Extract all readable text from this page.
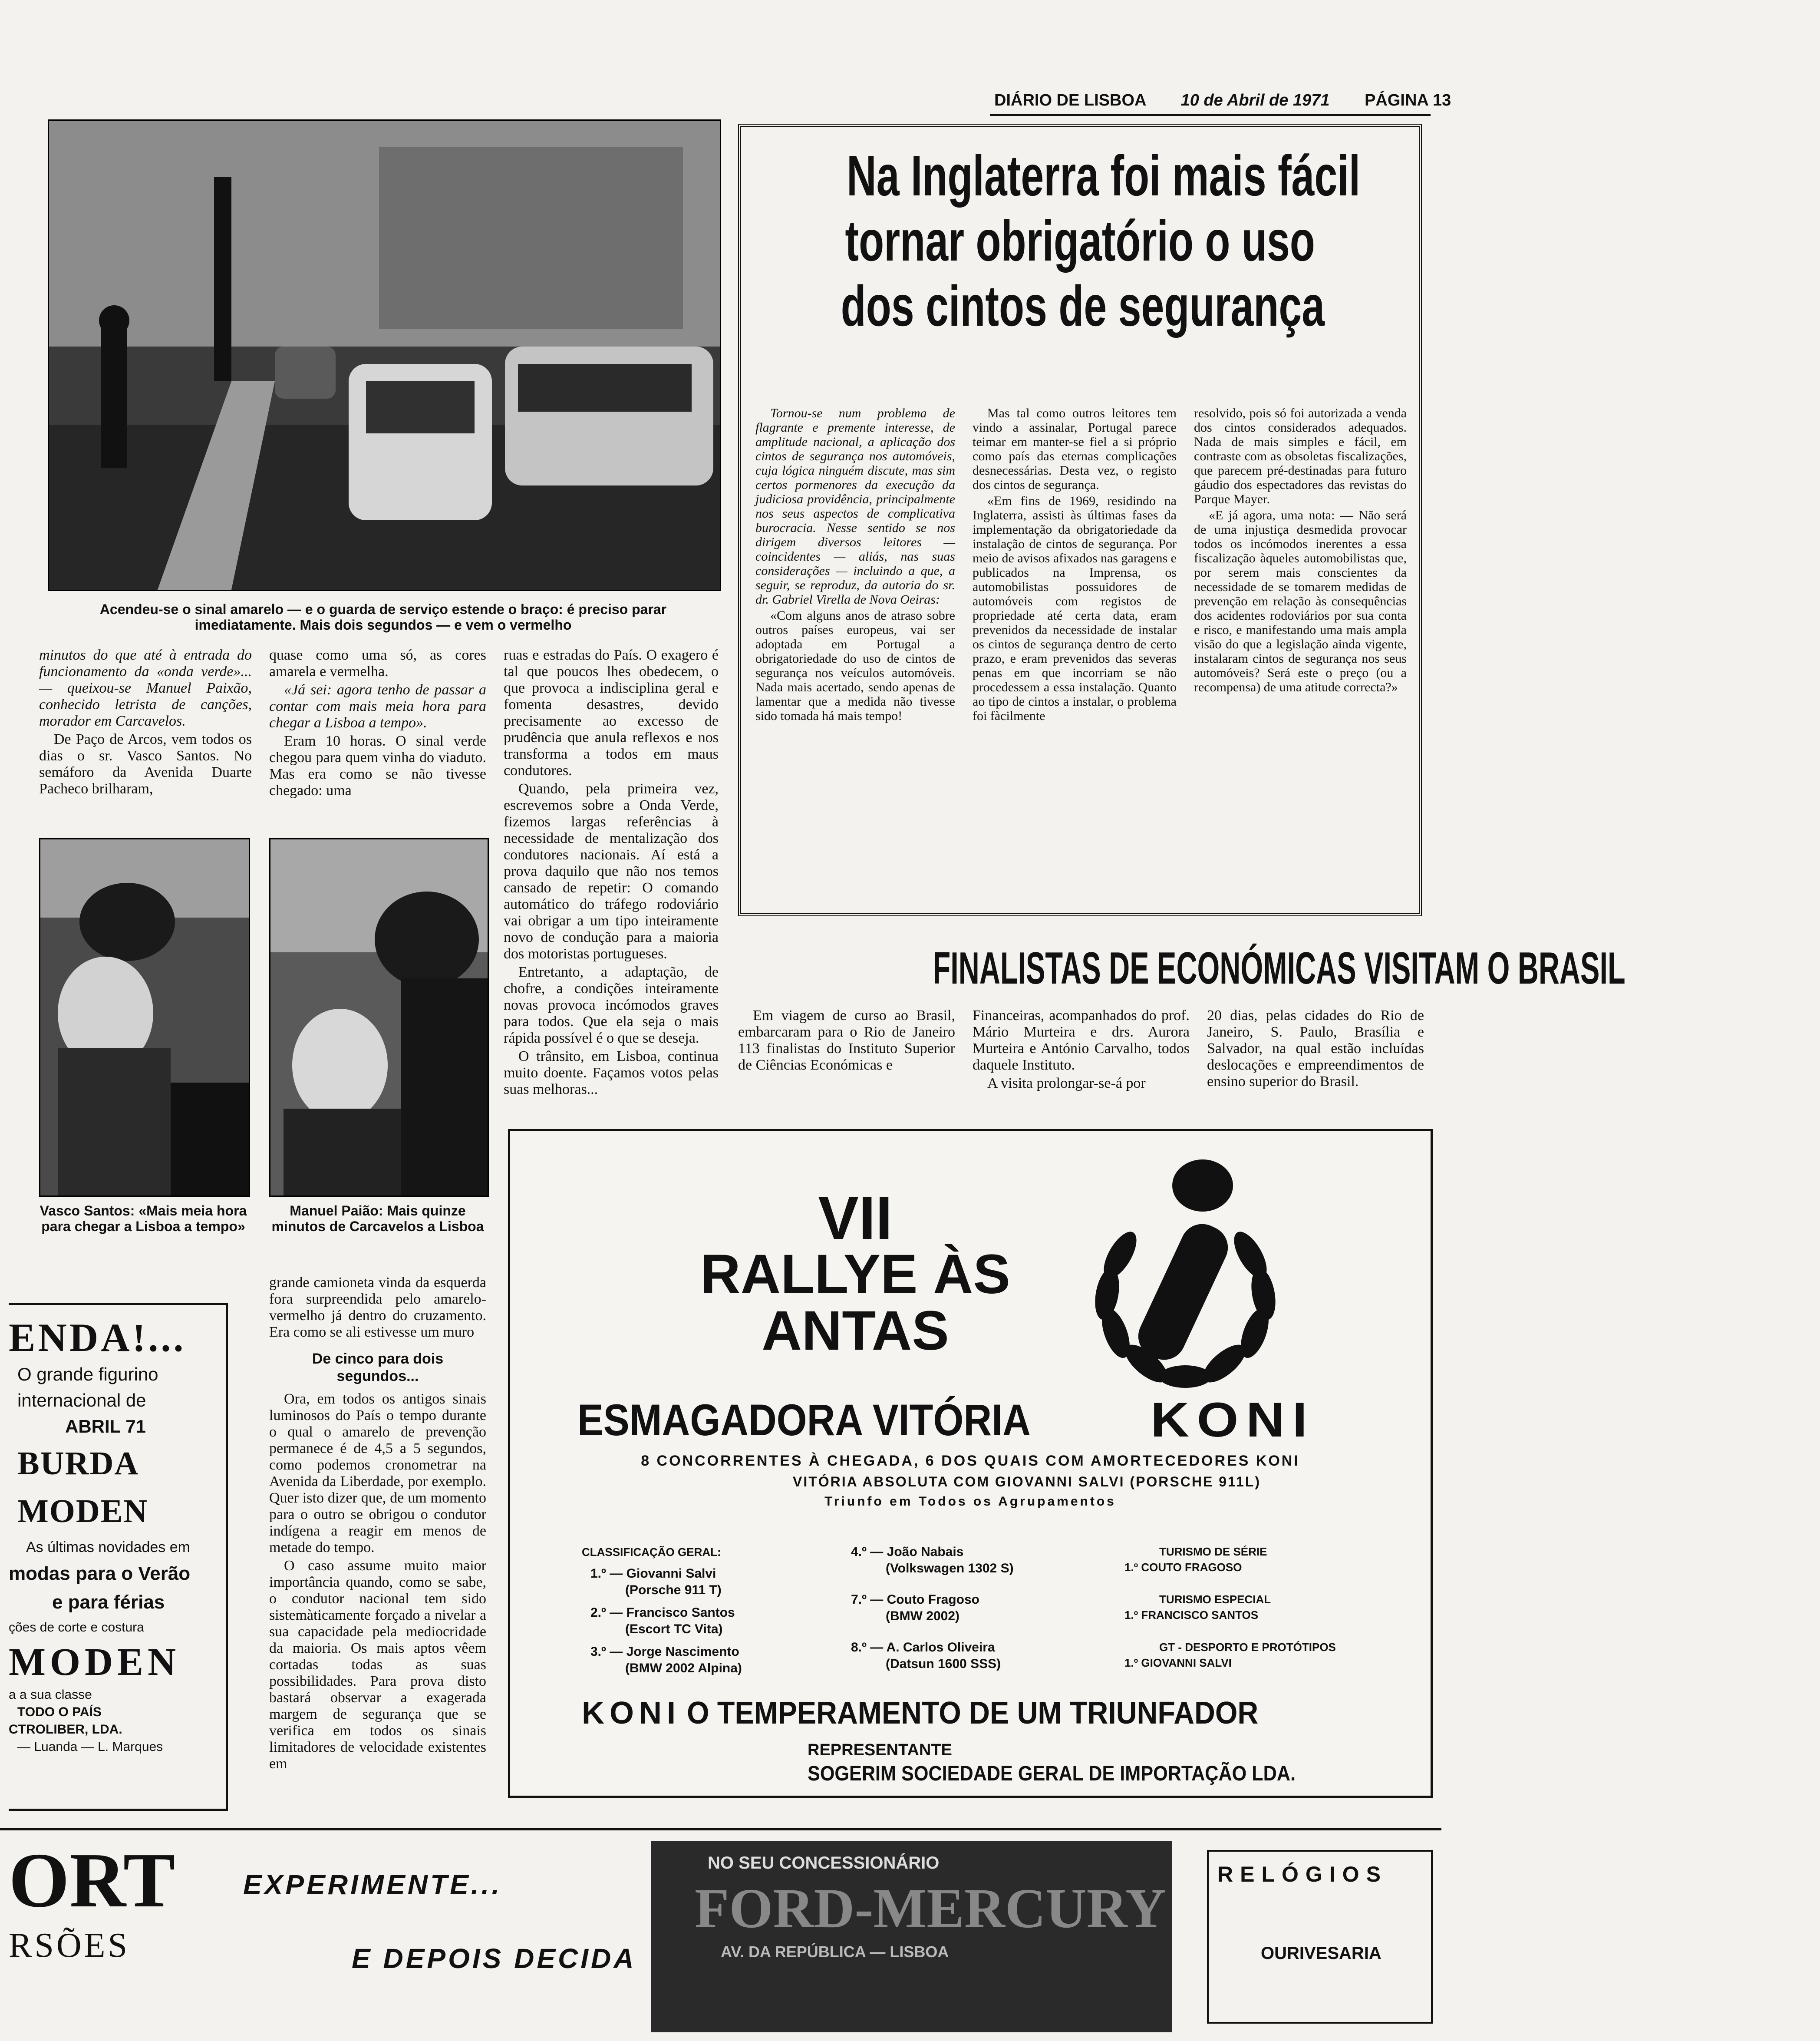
DIÁRIO DE LISBOA 10 de Abril de 1971 PÁGINA 13
Acendeu-se o sinal amarelo — e o guarda de serviço estende o braço: é preciso parar
imediatamente. Mais dois segundos — e vem o vermelho

minutos do que até à entrada do funcionamento da «onda verde»... — queixou-se Manuel Paixão, conhecido letrista de canções, morador em Carcavelos.

De Paço de Arcos, vem todos os dias o sr. Vasco Santos. No semáforo da Avenida Duarte Pacheco brilharam,

quase como uma só, as cores amarela e vermelha.

«Já sei: agora tenho de passar a contar com mais meia hora para chegar a Lisboa a tempo».

Eram 10 horas. O sinal verde chegou para quem vinha do viaduto. Mas era como se não tivesse chegado: uma

ruas e estradas do País. O exagero é tal que poucos lhes obedecem, o que provoca a indisciplina geral e fomenta desastres, devido precisamente ao excesso de prudência que anula reflexos e nos transforma a todos em maus condutores.

Quando, pela primeira vez, escrevemos sobre a Onda Verde, fizemos largas referências à necessidade de mentalização dos condutores nacionais. Aí está a prova daquilo que não nos temos cansado de repetir: O comando automático do tráfego rodoviário vai obrigar a um tipo inteiramente novo de condução para a maioria dos motoristas portugueses.

Entretanto, a adaptação, de chofre, a condições inteiramente novas provoca incómodos graves para todos. Que ela seja o mais rápida possível é o que se deseja.

O trânsito, em Lisboa, continua muito doente. Façamos votos pelas suas melhoras...

Vasco Santos: «Mais meia hora para chegar a Lisboa a tempo»
Manuel Paião: Mais quinze minutos de Carcavelos a Lisboa

grande camioneta vinda da esquerda fora surpreendida pelo amarelo-vermelho já dentro do cruzamento. Era como se ali estivesse um muro

De cinco para dois segundos...

Ora, em todos os antigos sinais luminosos do País o tempo durante o qual o amarelo de prevenção permanece é de 4,5 a 5 segundos, como podemos cronometrar na Avenida da Liberdade, por exemplo. Quer isto dizer que, de um momento para o outro se obrigou o condutor indígena a reagir em menos de metade do tempo.

O caso assume muito maior importância quando, como se sabe, o condutor nacional tem sido sistemàticamente forçado a nivelar a sua capacidade pela mediocridade da maioria. Os mais aptos vêem cortadas todas as suas possibilidades. Para prova disto bastará observar a exagerada margem de segurança que se verifica em todos os sinais limitadores de velocidade existentes em

ENDA!...
O grande figurino
internacional de
ABRIL 71
BURDA MODEN
As últimas novidades em
modas para o Verão
e para férias
ções de corte e costura
MODEN
a a sua classe
TODO O PAÍS
CTROLIBER, LDA.
— Luanda — L. Marques
Na Inglaterra foi mais fácil
tornar obrigatório o uso
dos cintos de segurança

Tornou-se num problema de flagrante e premente interesse, de amplitude nacional, a aplicação dos cintos de segurança nos automóveis, cuja lógica ninguém discute, mas sim certos pormenores da execução da judiciosa providência, principalmente nos seus aspectos de complicativa burocracia. Nesse sentido se nos dirigem diversos leitores — coincidentes — aliás, nas suas considerações — incluindo a que, a seguir, se reproduz, da autoria do sr. dr. Gabriel Virella de Nova Oeiras:

«Com alguns anos de atraso sobre outros países europeus, vai ser adoptada em Portugal a obrigatoriedade do uso de cintos de segurança nos veículos automóveis. Nada mais acertado, sendo apenas de lamentar que a medida não tivesse sido tomada há mais tempo!

Mas tal como outros leitores tem vindo a assinalar, Portugal parece teimar em manter-se fiel a si próprio como país das eternas complicações desnecessárias. Desta vez, o registo dos cintos de segurança.

«Em fins de 1969, residindo na Inglaterra, assisti às últimas fases da implementação da obrigatoriedade da instalação de cintos de segurança. Por meio de avisos afixados nas garagens e publicados na Imprensa, os automobilistas possuidores de automóveis com registos de propriedade até certa data, eram prevenidos da necessidade de instalar os cintos de segurança dentro de certo prazo, e eram prevenidos das severas penas em que incorriam se não procedessem a essa instalação. Quanto ao tipo de cintos a instalar, o problema foi fàcilmente

resolvido, pois só foi autorizada a venda dos cintos considerados adequados. Nada de mais simples e fácil, em contraste com as obsoletas fiscalizações, que parecem pré-destinadas para futuro gáudio dos espectadores das revistas do Parque Mayer.

«E já agora, uma nota: — Não será de uma injustiça desmedida provocar todos os incómodos inerentes a essa fiscalização àqueles automobilistas que, por serem mais conscientes da necessidade de se tomarem medidas de prevenção em relação às consequências dos acidentes rodoviários por sua conta e risco, e manifestando uma mais ampla visão do que a legislação ainda vigente, instalaram cintos de segurança nos seus automóveis? Será este o preço (ou a recompensa) de uma atitude correcta?»

FINALISTAS DE ECONÓMICAS VISITAM O BRASIL

Em viagem de curso ao Brasil, embarcaram para o Rio de Janeiro 113 finalistas do Instituto Superior de Ciências Económicas e

Financeiras, acompanhados do prof. Mário Murteira e drs. Aurora Murteira e António Carvalho, todos daquele Instituto.

A visita prolongar-se-á por

20 dias, pelas cidades do Rio de Janeiro, S. Paulo, Brasília e Salvador, na qual estão incluídas deslocações e empreendimentos de ensino superior do Brasil.

VII
RALLYE ÀS
ANTAS
ESMAGADORA VITÓRIA KONI
8 CONCORRENTES À CHEGADA, 6 DOS QUAIS COM AMORTECEDORES KONI
VITÓRIA ABSOLUTA COM GIOVANNI SALVI (PORSCHE 911L)
Triunfo em Todos os Agrupamentos
CLASSIFICAÇÃO GERAL:
1.º — Giovanni Salvi
(Porsche 911 T)
2.º — Francisco Santos
(Escort TC Vita)
3.º — Jorge Nascimento
(BMW 2002 Alpina)
4.º — João Nabais
(Volkswagen 1302 S)
7.º — Couto Fragoso
(BMW 2002)
8.º — A. Carlos Oliveira
(Datsun 1600 SSS)
TURISMO DE SÉRIE
1.º COUTO FRAGOSO
TURISMO ESPECIAL
1.º FRANCISCO SANTOS
GT - DESPORTO E PROTÓTIPOS
1.º GIOVANNI SALVI
KONI O TEMPERAMENTO DE UM TRIUNFADOR
REPRESENTANTE
SOGERIM SOCIEDADE GERAL DE IMPORTAÇÃO LDA.
ORT
RSÕES
EXPERIMENTE...
E DEPOIS DECIDA
NO SEU CONCESSIONÁRIO
FORD-MERCURY
AV. DA REPÚBLICA — LISBOA
RELÓGIOS
OURIVESARIA
